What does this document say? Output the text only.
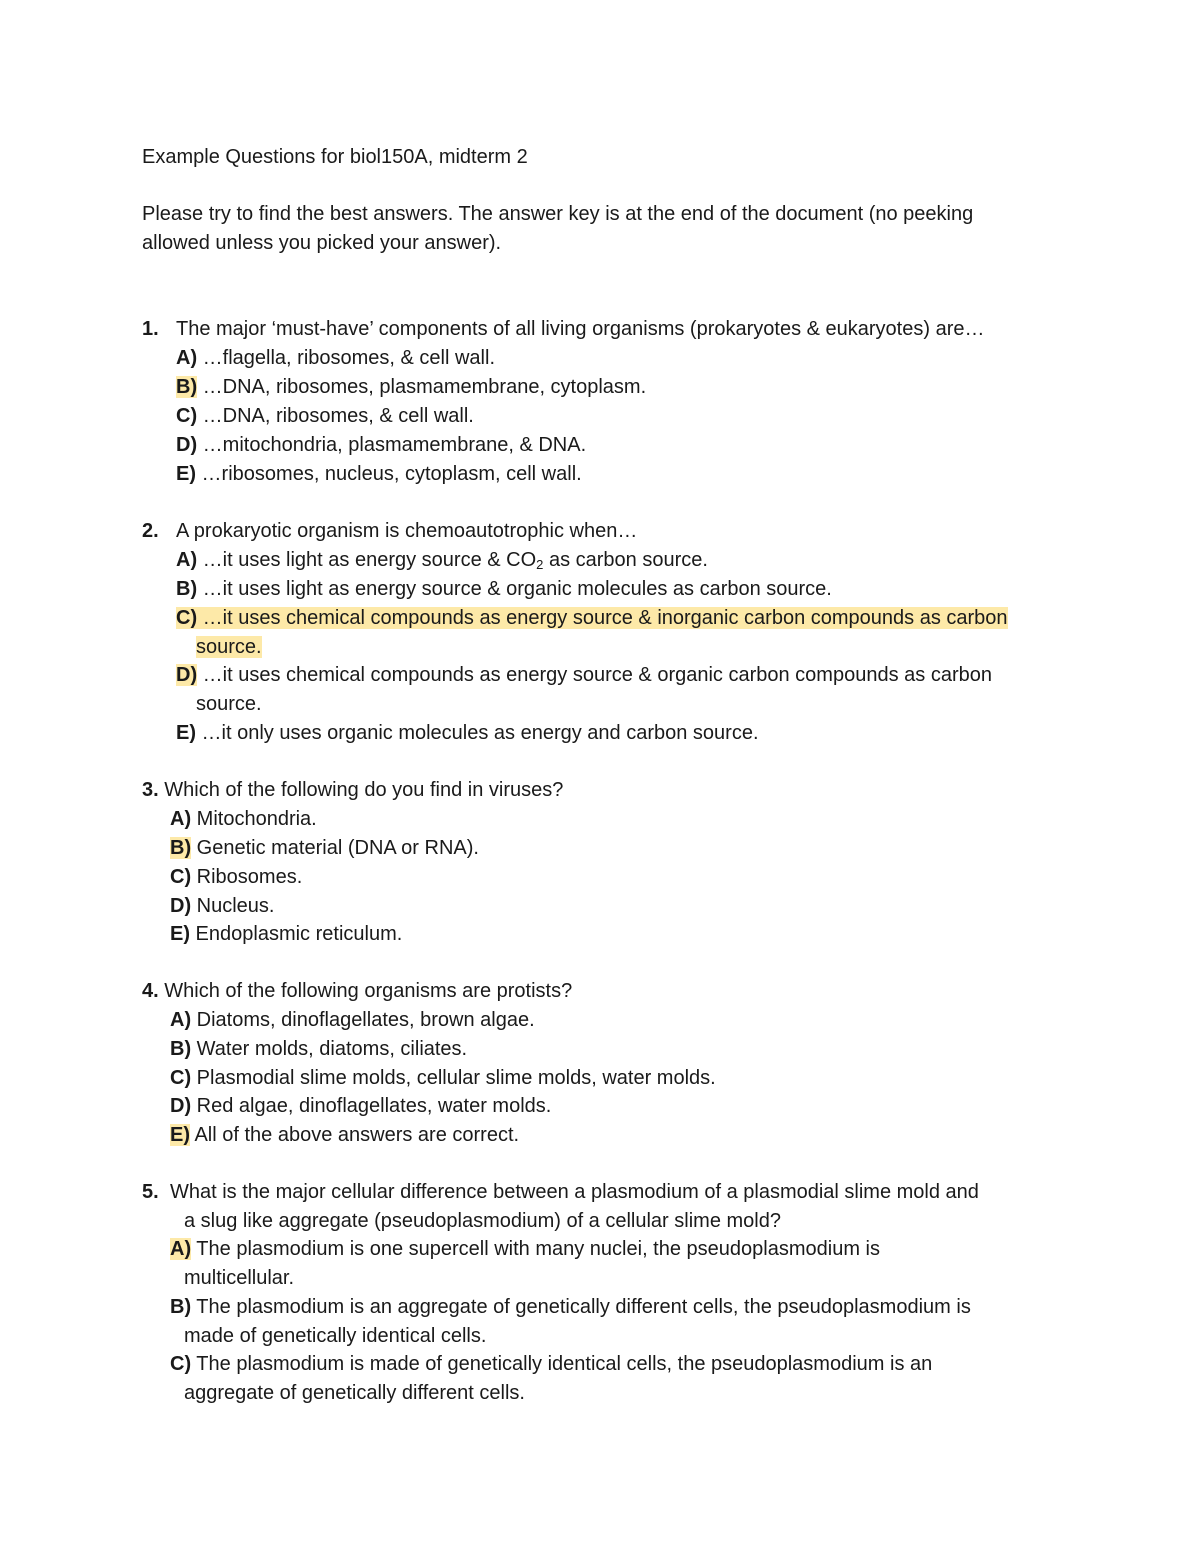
Example Questions for biol150A, midterm 2
Please try to find the best answers. The answer key is at the end of the document (no peeking
allowed unless you picked your answer).
1. The major ‘must-have’ components of all living organisms (prokaryotes & eukaryotes) are…
A) …flagella, ribosomes, & cell wall.
B) …DNA, ribosomes, plasmamembrane, cytoplasm.
C) …DNA, ribosomes, & cell wall.
D) …mitochondria, plasmamembrane, & DNA.
E) …ribosomes, nucleus, cytoplasm, cell wall.
2. A prokaryotic organism is chemoautotrophic when…
A) …it uses light as energy source & $CO_2$ as carbon source.
B) …it uses light as energy source & organic molecules as carbon source.
C) …it uses chemical compounds as energy source & inorganic carbon compounds as carbon
source.
D) …it uses chemical compounds as energy source & organic carbon compounds as carbon
source.
E) …it only uses organic molecules as energy and carbon source.
3. Which of the following do you find in viruses?
A) Mitochondria.
B) Genetic material (DNA or RNA).
C) Ribosomes.
D) Nucleus.
E) Endoplasmic reticulum.
4. Which of the following organisms are protists?
A) Diatoms, dinoflagellates, brown algae.
B) Water molds, diatoms, ciliates.
C) Plasmodial slime molds, cellular slime molds, water molds.
D) Red algae, dinoflagellates, water molds.
E) All of the above answers are correct.
5. What is the major cellular difference between a plasmodium of a plasmodial slime mold and
a slug like aggregate (pseudoplasmodium) of a cellular slime mold?
A) The plasmodium is one supercell with many nuclei, the pseudoplasmodium is
multicellular.
B) The plasmodium is an aggregate of genetically different cells, the pseudoplasmodium is
made of genetically identical cells.
C) The plasmodium is made of genetically identical cells, the pseudoplasmodium is an
aggregate of genetically different cells.
